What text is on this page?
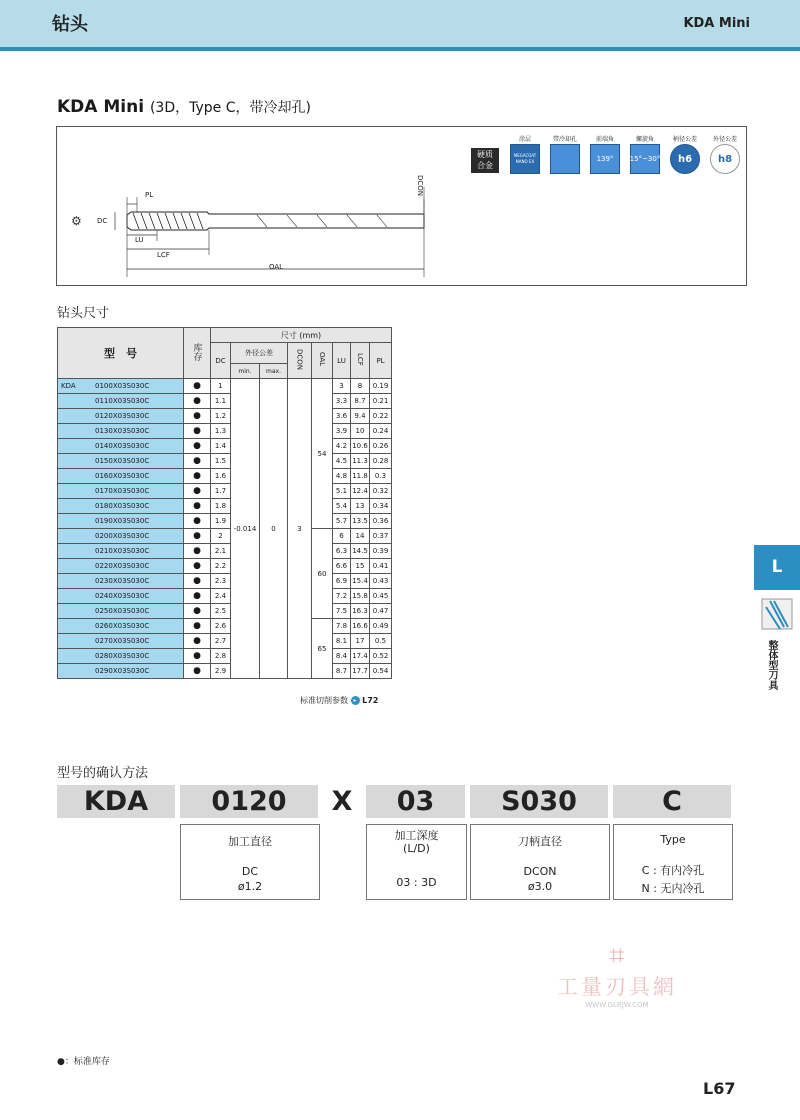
钻头	KDA Mini
KDA Mini (3D，Type C，带冷却孔)
⚙
PL
DC
LU
LCF
OAL
DCON
硬质
合金
涂层
MEGACOAT NANO EX
带冷却孔	前端角
139°
螺旋角
15°~30°
柄径公差
h6
外径公差
h8
钻头尺寸
型　号	库存	尺寸 (mm)							
		DC	外径公差		DCON	OAL	LU	LCF	PL
			min.	max.					
KDA 0100X03S030C	●	1	-0.014	0	3	54	3	8	0.19
0110X03S030C	●	1.1					3.3	8.7	0.21
0120X03S030C	●	1.2					3.6	9.4	0.22
0130X03S030C	●	1.3					3.9	10	0.24
0140X03S030C	●	1.4					4.2	10.6	0.26
0150X03S030C	●	1.5					4.5	11.3	0.28
0160X03S030C	●	1.6					4.8	11.8	0.3
0170X03S030C	●	1.7					5.1	12.4	0.32
0180X03S030C	●	1.8					5.4	13	0.34
0190X03S030C	●	1.9					5.7	13.5	0.36
0200X03S030C	●	2				60	6	14	0.37
0210X03S030C	●	2.1					6.3	14.5	0.39
0220X03S030C	●	2.2					6.6	15	0.41
0230X03S030C	●	2.3					6.9	15.4	0.43
0240X03S030C	●	2.4					7.2	15.8	0.45
0250X03S030C	●	2.5					7.5	16.3	0.47
0260X03S030C	●	2.6				65	7.8	16.6	0.49
0270X03S030C	●	2.7					8.1	17	0.5
0280X03S030C	●	2.8					8.4	17.4	0.52
0290X03S030C	●	2.9					8.7	17.7	0.54
标准切削参数 ▸ L72
型号的确认方法
KDA	0120	X	03	S030	C
加工直径
DC
ø1.2
加工深度
(L/D)
03 : 3D
刀柄直径
DCON
ø3.0
Type
C : 有内冷孔
N : 无内冷孔
L
整体型刀具
⌗
工量刃具網
WWW.GLRJW.COM
●：标准库存
L67
